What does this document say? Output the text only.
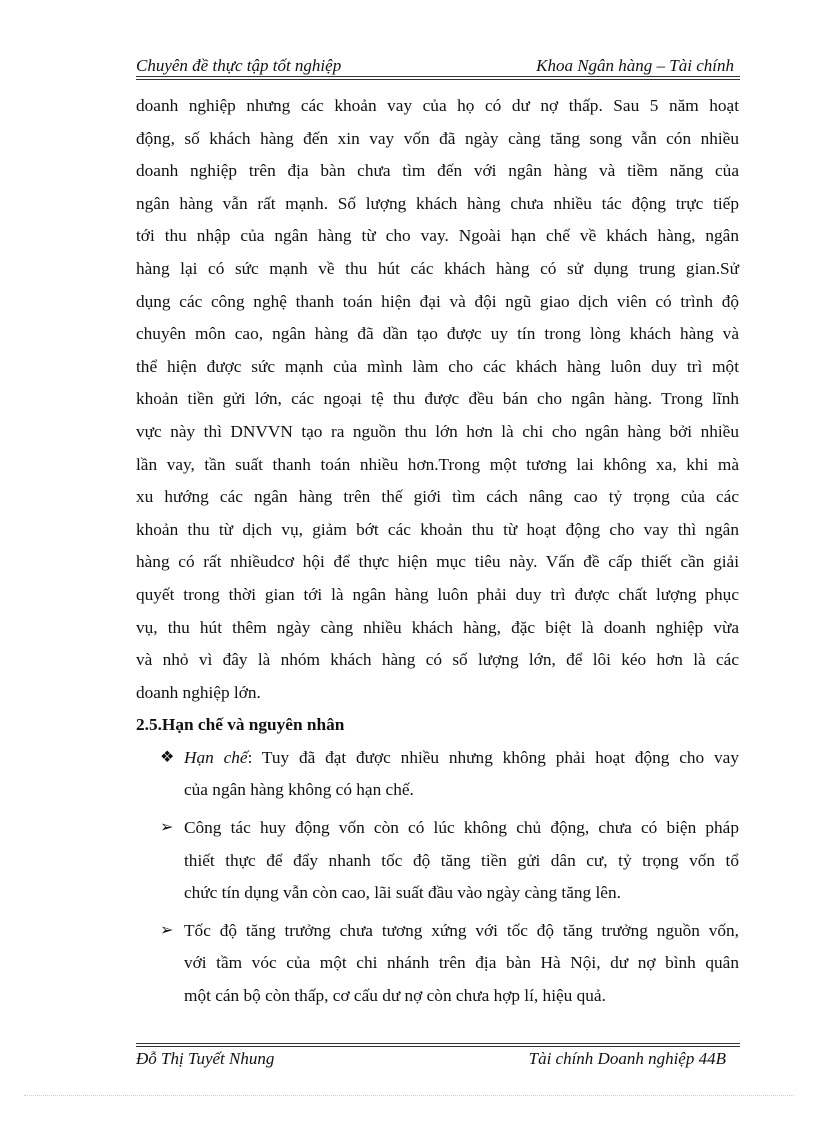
Chuyên đề thực tập tốt nghiệp	Khoa Ngân hàng – Tài chính
doanh nghiệp nhưng các khoản vay của họ có dư nợ thấp. Sau 5 năm hoạt
động, số khách hàng đến xin vay vốn đã ngày càng tăng song vẫn cón nhiều
doanh nghiệp trên địa bàn chưa tìm đến với ngân hàng và tiềm năng của
ngân hàng vẫn rất mạnh. Số lượng khách hàng chưa nhiều tác động trực tiếp
tới thu nhập của ngân hàng từ cho vay. Ngoài hạn chế về khách hàng, ngân
hàng lại có sức mạnh về thu hút các khách hàng có sử dụng trung gian.Sử
dụng các công nghệ thanh toán hiện đại và đội ngũ giao dịch viên có trình độ
chuyên môn cao, ngân hàng đã dần tạo được uy tín trong lòng khách hàng và
thể hiện được sức mạnh của mình làm cho các khách hàng luôn duy trì một
khoản tiền gửi lớn, các ngoại tệ thu được đều bán cho ngân hàng. Trong lĩnh
vực này thì DNVVN tạo ra nguồn thu lớn hơn là chi cho ngân hàng bởi nhiều
lần vay, tần suất thanh toán nhiều hơn.Trong một tương lai không xa, khi mà
xu hướng các ngân hàng trên thế giới tìm cách nâng cao tỷ trọng của các
khoản thu từ dịch vụ, giảm bớt các khoản thu từ hoạt động cho vay thì ngân
hàng có rất nhiềudcơ hội để thực hiện mục tiêu này. Vấn đề cấp thiết cần giải
quyết trong thời gian tới là ngân hàng luôn phải duy trì được chất lượng phục
vụ, thu hút thêm ngày càng nhiều khách hàng, đặc biệt là doanh nghiệp vừa
và nhỏ vì đây là nhóm khách hàng có số lượng lớn, để lôi kéo hơn là các
doanh nghiệp lớn.
2.5.Hạn chế và nguyên nhân
❖ Hạn chế: Tuy đã đạt được nhiều nhưng không phải hoạt động cho vay
của ngân hàng không có hạn chế.
➢ Công tác huy động vốn còn có lúc không chủ động, chưa có biện pháp
thiết thực để đẩy nhanh tốc độ tăng tiền gửi dân cư, tỷ trọng vốn tổ
chức tín dụng vẫn còn cao, lãi suất đầu vào ngày càng tăng lên.
➢ Tốc độ tăng trưởng chưa tương xứng với tốc độ tăng trưởng nguồn vốn,
với tầm vóc của một chi nhánh trên địa bàn Hà Nội, dư nợ bình quân
một cán bộ còn thấp, cơ cấu dư nợ còn chưa hợp lí, hiệu quả.
Đỗ Thị Tuyết Nhung	Tài chính Doanh nghiệp 44B
